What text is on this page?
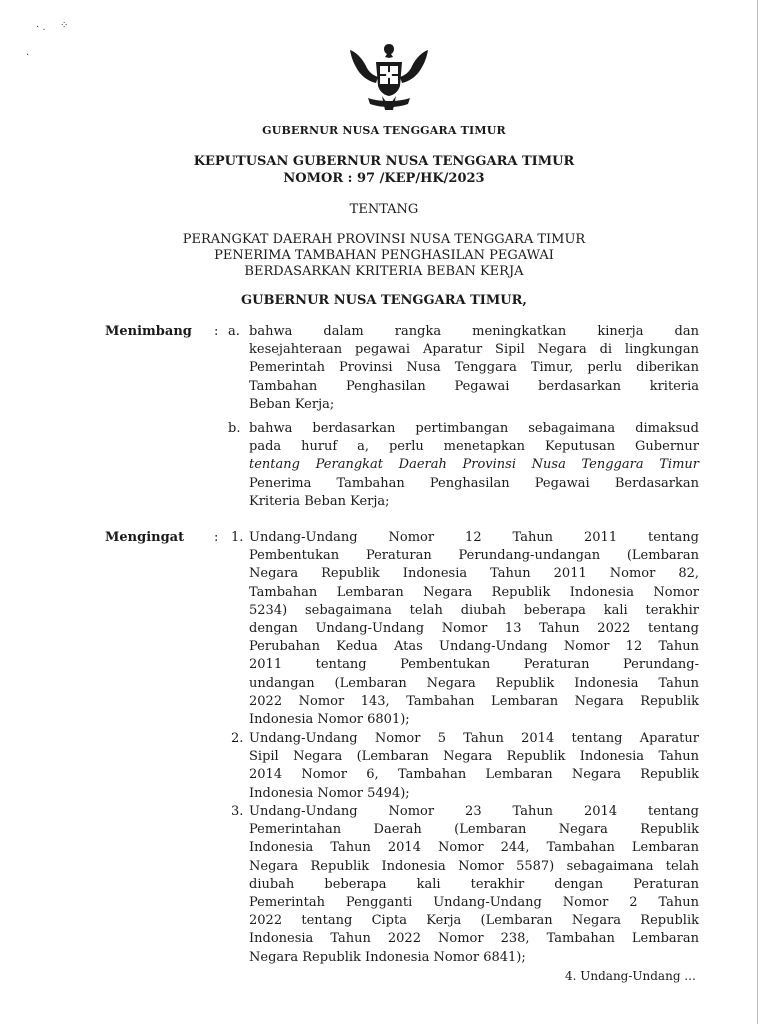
· . ⁘
·
GUBERNUR NUSA TENGGARA TIMUR
KEPUTUSAN GUBERNUR NUSA TENGGARA TIMUR
NOMOR : 97 /KEP/HK/2023
TENTANG
PERANGKAT DAERAH PROVINSI NUSA TENGGARA TIMUR
PENERIMA TAMBAHAN PENGHASILAN PEGAWAI
BERDASARKAN KRITERIA BEBAN KERJA
GUBERNUR NUSA TENGGARA TIMUR,
Menimbang : a. bahwa dalam rangka meningkatkan kinerja dan
kesejahteraan pegawai Aparatur Sipil Negara di lingkungan
Pemerintah Provinsi Nusa Tenggara Timur, perlu diberikan
Tambahan Penghasilan Pegawai berdasarkan kriteria
Beban Kerja;
b. bahwa berdasarkan pertimbangan sebagaimana dimaksud
pada huruf a, perlu menetapkan Keputusan Gubernur
tentang Perangkat Daerah Provinsi Nusa Tenggara Timur
Penerima Tambahan Penghasilan Pegawai Berdasarkan
Kriteria Beban Kerja;
Mengingat : 1. Undang-Undang Nomor 12 Tahun 2011 tentang
Pembentukan Peraturan Perundang-undangan (Lembaran
Negara Republik Indonesia Tahun 2011 Nomor 82,
Tambahan Lembaran Negara Republik Indonesia Nomor
5234) sebagaimana telah diubah beberapa kali terakhir
dengan Undang-Undang Nomor 13 Tahun 2022 tentang
Perubahan Kedua Atas Undang-Undang Nomor 12 Tahun
2011 tentang Pembentukan Peraturan Perundang-
undangan (Lembaran Negara Republik Indonesia Tahun
2022 Nomor 143, Tambahan Lembaran Negara Republik
Indonesia Nomor 6801);
2. Undang-Undang Nomor 5 Tahun 2014 tentang Aparatur
Sipil Negara (Lembaran Negara Republik Indonesia Tahun
2014 Nomor 6, Tambahan Lembaran Negara Republik
Indonesia Nomor 5494);
3. Undang-Undang Nomor 23 Tahun 2014 tentang
Pemerintahan Daerah (Lembaran Negara Republik
Indonesia Tahun 2014 Nomor 244, Tambahan Lembaran
Negara Republik Indonesia Nomor 5587) sebagaimana telah
diubah beberapa kali terakhir dengan Peraturan
Pemerintah Pengganti Undang-Undang Nomor 2 Tahun
2022 tentang Cipta Kerja (Lembaran Negara Republik
Indonesia Tahun 2022 Nomor 238, Tambahan Lembaran
Negara Republik Indonesia Nomor 6841);
4. Undang-Undang ...
